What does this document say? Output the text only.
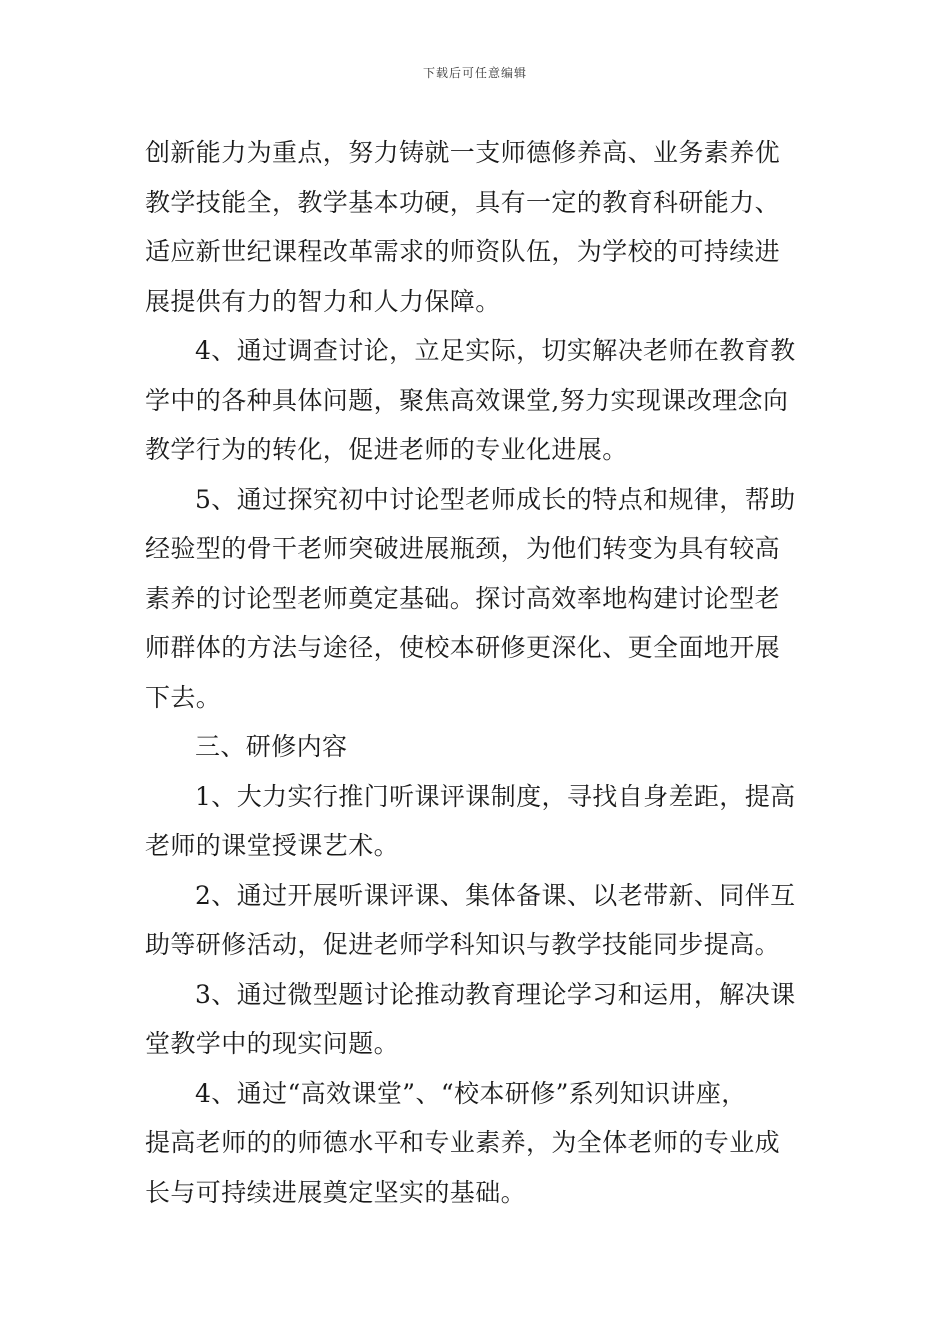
下载后可任意编辑
创新能力为重点，努力铸就一支师德修养高、业务素养优
教学技能全，教学基本功硬，具有一定的教育科研能力、
适应新世纪课程改革需求的师资队伍，为学校的可持续进
展提供有力的智力和人力保障。
4、通过调查讨论，立足实际，切实解决老师在教育教
学中的各种具体问题，聚焦高效课堂,努力实现课改理念向
教学行为的转化，促进老师的专业化进展。
5、通过探究初中讨论型老师成长的特点和规律，帮助
经验型的骨干老师突破进展瓶颈，为他们转变为具有较高
素养的讨论型老师奠定基础。探讨高效率地构建讨论型老
师群体的方法与途径，使校本研修更深化、更全面地开展
下去。
三、研修内容
1、大力实行推门听课评课制度，寻找自身差距，提高
老师的课堂授课艺术。
2、通过开展听课评课、集体备课、以老带新、同伴互
助等研修活动，促进老师学科知识与教学技能同步提高。
3、通过微型题讨论推动教育理论学习和运用，解决课
堂教学中的现实问题。
4、通过“高效课堂”、“校本研修”系列知识讲座，
提高老师的的师德水平和专业素养，为全体老师的专业成
长与可持续进展奠定坚实的基础。
